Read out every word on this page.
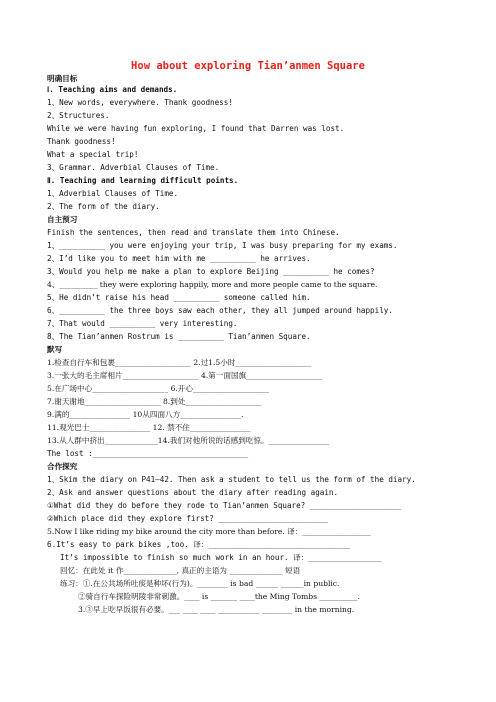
How about exploring Tian’anmen Square
明确目标
Ⅰ. Teaching aims and demands.
1、New words, everywhere. Thank goodness!
2、Structures.
While we were having fun exploring, I found that Darren was lost.
Thank goodness!
What a special trip!
3、Grammar. Adverbial Clauses of Time.
Ⅱ. Teaching and learning difficult points.
1、Adverbial Clauses of Time.
2、The form of the diary.
自主预习
Finish the sentences, then read and translate them into Chinese.
1、__________ you were enjoying your trip, I was busy preparing for my exams.
2、I’d like you to meet him with me __________ he arrives.
3、Would you help me make a plan to explore Beijing __________ he comes?
4、__________ they were exploring happily, more and more people came to the square.
5、He didn’t raise his head __________ someone called him.
6、__________ the three boys saw each other, they all jumped around happily.
7、That would __________ very interesting.
8、The Tian’anmen Rostrum is __________ Tian’anmen Square.
默写
1.检查自行车和包裹____________________ 2.过1.5小时____________________
3.一张大的毛主席相片____________________ 4.第一面国旗____________________
5.在广场中心____________________ 6.开心____________________
7.谢天谢地____________________ 8.到处____________________
9.满的________________ 10从四面八方________________.
11.观光巴士________________ 12. 禁不住________________
13.从人群中挤出______________14.我们对他所说的话感到吃惊。________________
The lost :__________________________________
合作探究
1、Skim the diary on P41—42. Then ask a student to tell us the form of the diary.
2、Ask and answer questions about the diary after reading again.
①What did they do before they rode to Tian’anmen Square? ____________________
②Which place did they explore first? ________________________
5.Now I like riding my bike around the city more than before. 译：__________________
6.It’s easy to park bikes ,too. 译：_______________________________
It’s impossible to finish so much work in an hour. 译：________________
回忆：在此处 it 作______________, 真正的主语为 ______________ 短语
练习：①.在公共场所吐痰是种坏(行为)。________ is bad ______ ______in public.
②骑自行车探险明陵非常刺激。____ is _______ ____the Ming Tombs __________.
3.③早上吃早饭很有必要。___ ____ ____ ___________ ________ in the morning.
